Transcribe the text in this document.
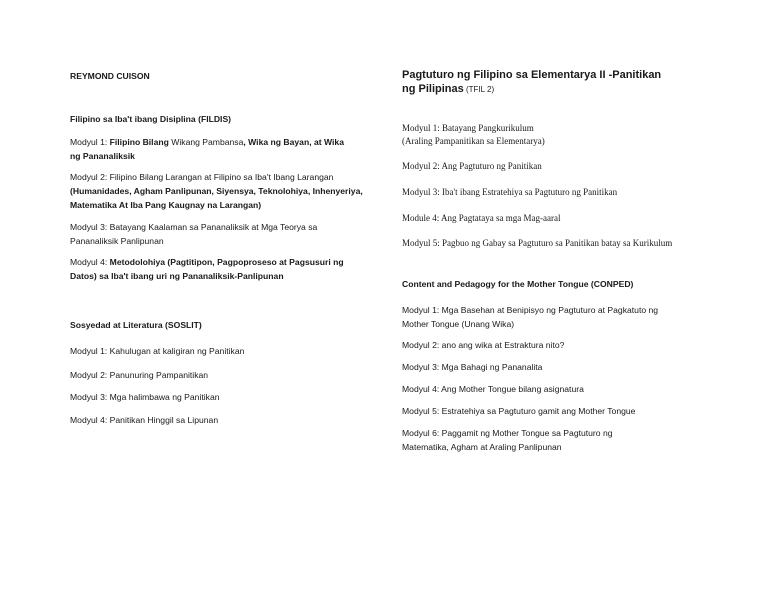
REYMOND CUISON
Filipino sa Iba't ibang Disiplina (FILDIS)
Modyul 1: Filipino Bilang Wikang Pambansa, Wika ng Bayan, at Wika
ng Pananaliksik
Modyul 2: Filipino Bilang Larangan at Filipino sa Iba't Ibang Larangan
(Humanidades, Agham Panlipunan, Siyensya, Teknolohiya, Inhenyeriya,
Matematika At Iba Pang Kaugnay na Larangan)
Modyul 3: Batayang Kaalaman sa Pananaliksik at Mga Teorya sa
Pananaliksik Panlipunan
Modyul 4: Metodolohiya (Pagtitipon, Pagpoproseso at Pagsusuri ng
Datos) sa Iba't ibang uri ng Pananaliksik-Panlipunan
Sosyedad at Literatura (SOSLIT)
Modyul 1: Kahulugan at kaligiran ng Panitikan
Modyul 2: Panunuring Pampanitikan
Modyul 3: Mga halimbawa ng Panitikan
Modyul 4: Panitikan Hinggil sa Lipunan
Pagtuturo ng Filipino sa Elementarya II -Panitikan
ng Pilipinas (TFIL 2)
Modyul 1: Batayang Pangkurikulum
(Araling Pampanitikan sa Elementarya)
Modyul 2: Ang Pagtuturo ng Panitikan
Modyul 3: Iba't ibang Estratehiya sa Pagtuturo ng Panitikan
Module 4: Ang Pagtataya sa mga Mag-aaral
Modyul 5: Pagbuo ng Gabay sa Pagtuturo sa Panitikan batay sa Kurikulum
Content and Pedagogy for the Mother Tongue (CONPED)
Modyul 1: Mga Basehan at Benipisyo ng Pagtuturo at Pagkatuto ng
Mother Tongue (Unang Wika)
Modyul 2: ano ang wika at Estraktura nito?
Modyul 3: Mga Bahagi ng Pananalita
Modyul 4: Ang Mother Tongue bilang asignatura
Modyul 5: Estratehiya sa Pagtuturo gamit ang Mother Tongue
Modyul 6: Paggamit ng Mother Tongue sa Pagtuturo ng
Matematika, Agham at Araling Panlipunan
